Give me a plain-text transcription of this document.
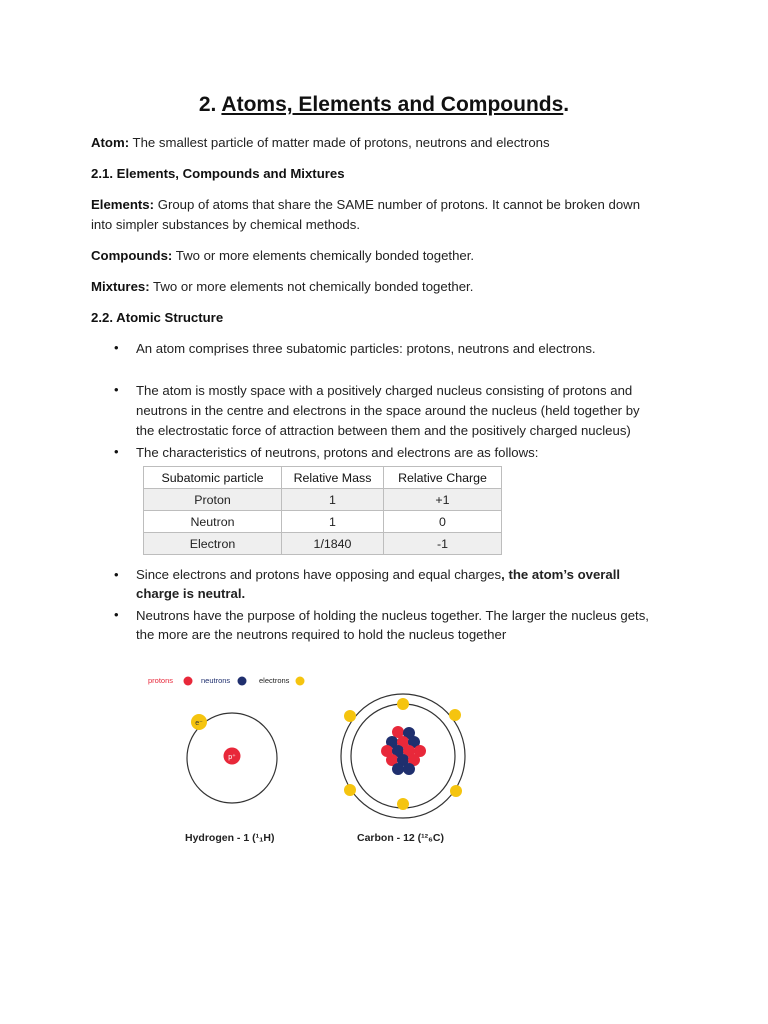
2. Atoms, Elements and Compounds.
Atom: The smallest particle of matter made of protons, neutrons and electrons
2.1. Elements, Compounds and Mixtures
Elements: Group of atoms that share the SAME number of protons. It cannot be broken down
into simpler substances by chemical methods.
Compounds: Two or more elements chemically bonded together.
Mixtures: Two or more elements not chemically bonded together.
2.2. Atomic Structure
• An atom comprises three subatomic particles: protons, neutrons and electrons.
• The atom is mostly space with a positively charged nucleus consisting of protons and
neutrons in the centre and electrons in the space around the nucleus (held together by
the electrostatic force of attraction between them and the positively charged nucleus)
• The characteristics of neutrons, protons and electrons are as follows:
Subatomic particle	Relative Mass	Relative Charge
Proton	1	+1
Neutron	1	0
Electron	1/1840	-1
• Since electrons and protons have opposing and equal charges, the atom’s overall
charge is neutral.
• Neutrons have the purpose of holding the nucleus together. The larger the nucleus gets,
the more are the neutrons required to hold the nucleus together
protons	neutrons	electrons
p⁺
e⁻
Hydrogen - 1 (¹₁H)	Carbon - 12 (¹²₆C)
